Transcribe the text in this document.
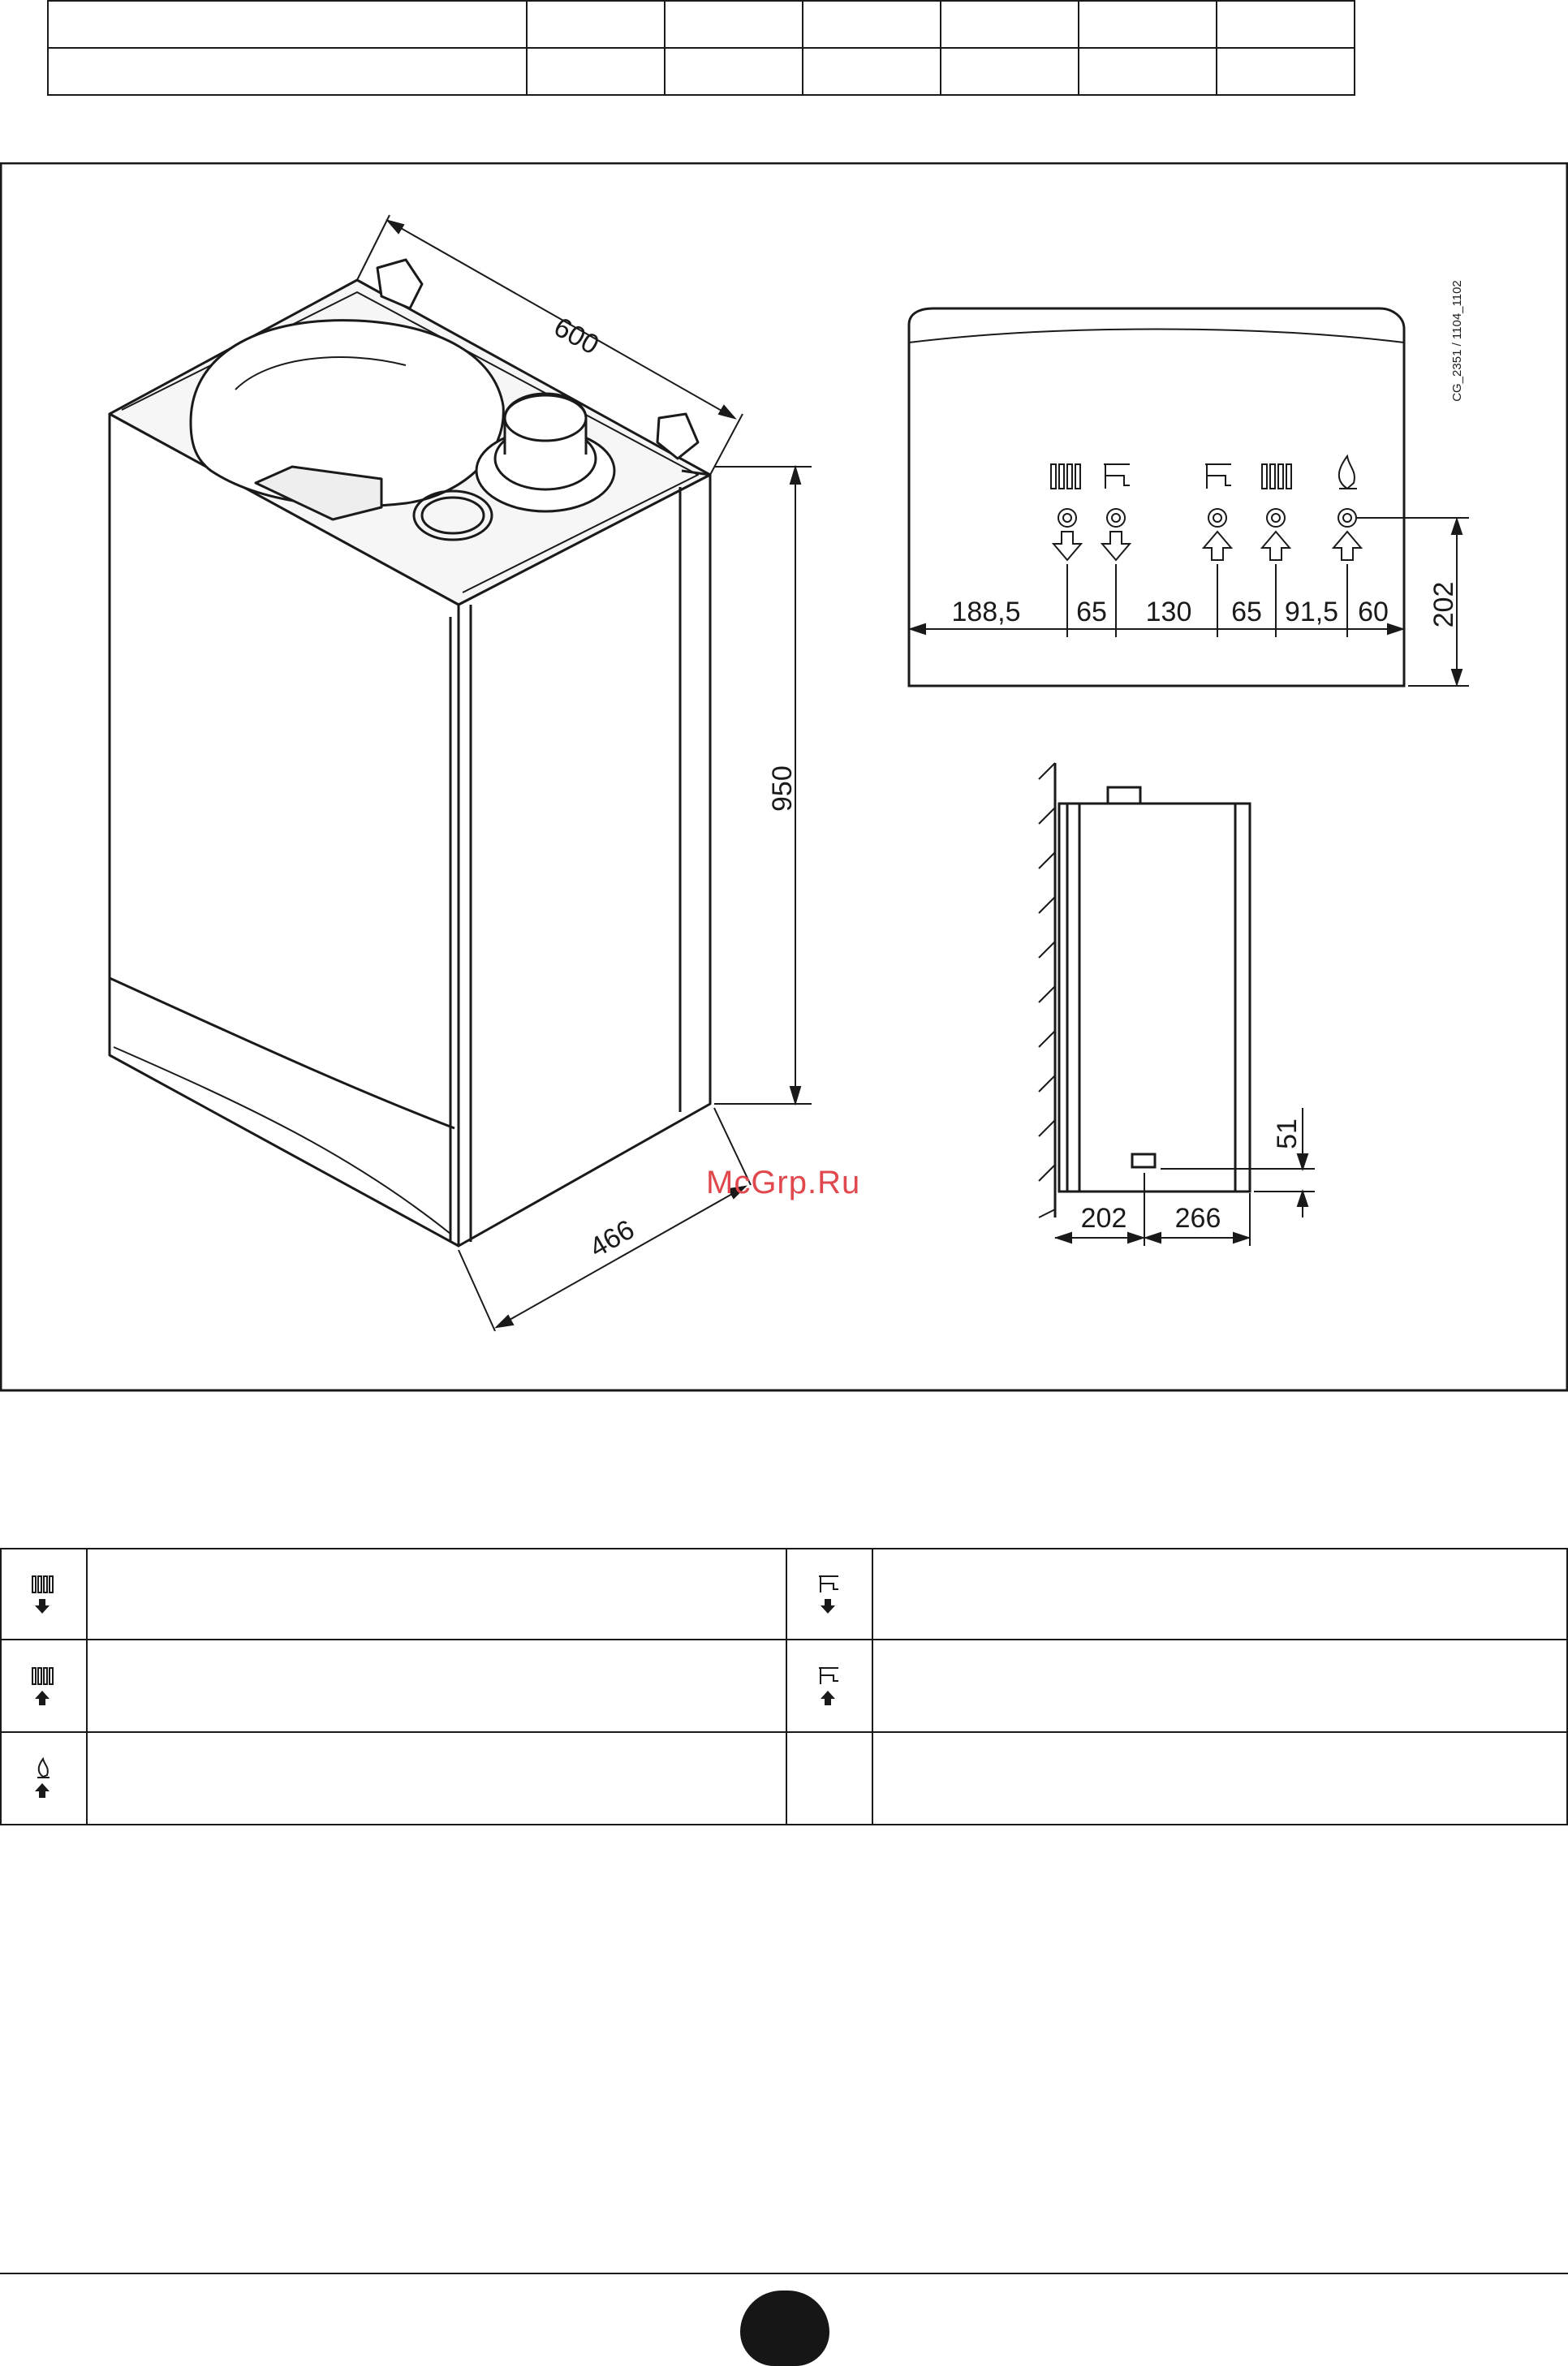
600
950
466
188,5 65 130 65 91,5 60 202
CG_2351 / 1104_1102
202 266
51
McGrp.Ru
